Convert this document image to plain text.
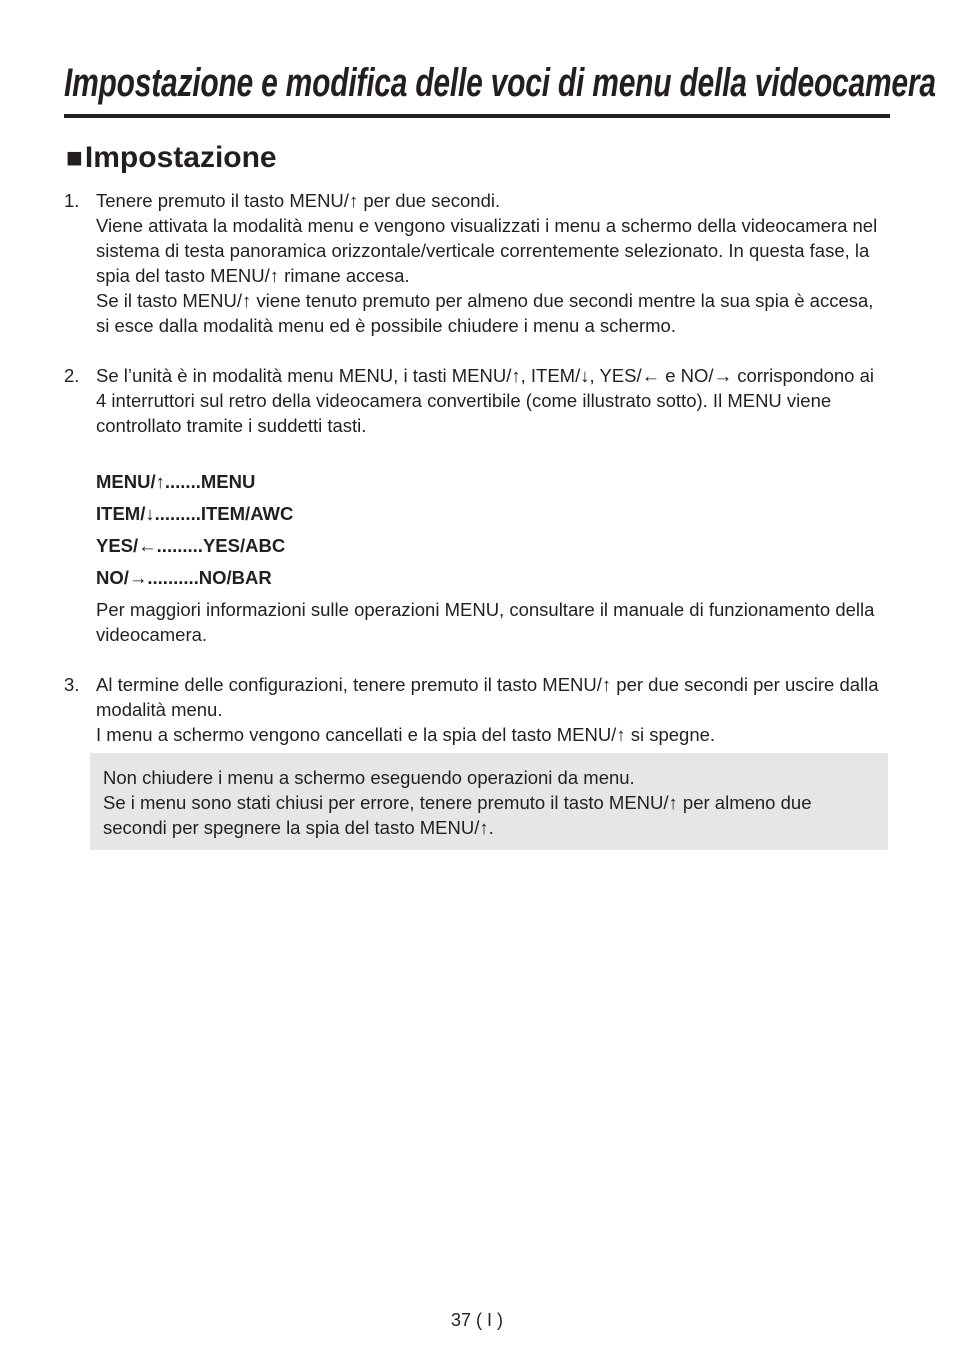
Impostazione e modifica delle voci di menu della videocamera
■Impostazione
1. Tenere premuto il tasto MENU/↑ per due secondi.

Viene attivata la modalità menu e vengono visualizzati i menu a schermo della videocamera nel sistema di testa panoramica orizzontale/verticale correntemente selezionato. In questa fase, la spia del tasto MENU/↑ rimane accesa.

Se il tasto MENU/↑ viene tenuto premuto per almeno due secondi mentre la sua spia è accesa, si esce dalla modalità menu ed è possibile chiudere i menu a schermo.

2. Se l’unità è in modalità menu MENU, i tasti MENU/↑, ITEM/↓, YES/← e NO/→ corrispondono ai 4 interruttori sul retro della videocamera convertibile (come illustrato sotto). Il MENU viene controllato tramite i suddetti tasti.

MENU/↑.......MENU
ITEM/↓.........ITEM/AWC
YES/←.........YES/ABC
NO/→..........NO/BAR

Per maggiori informazioni sulle operazioni MENU, consultare il manuale di funzionamento della videocamera.

3. Al termine delle configurazioni, tenere premuto il tasto MENU/↑ per due secondi per uscire dalla modalità menu.

I menu a schermo vengono cancellati e la spia del tasto MENU/↑ si spegne.

Non chiudere i menu a schermo eseguendo operazioni da menu.

Se i menu sono stati chiusi per errore, tenere premuto il tasto MENU/↑ per almeno due secondi per spegnere la spia del tasto MENU/↑.

37 ( I )
